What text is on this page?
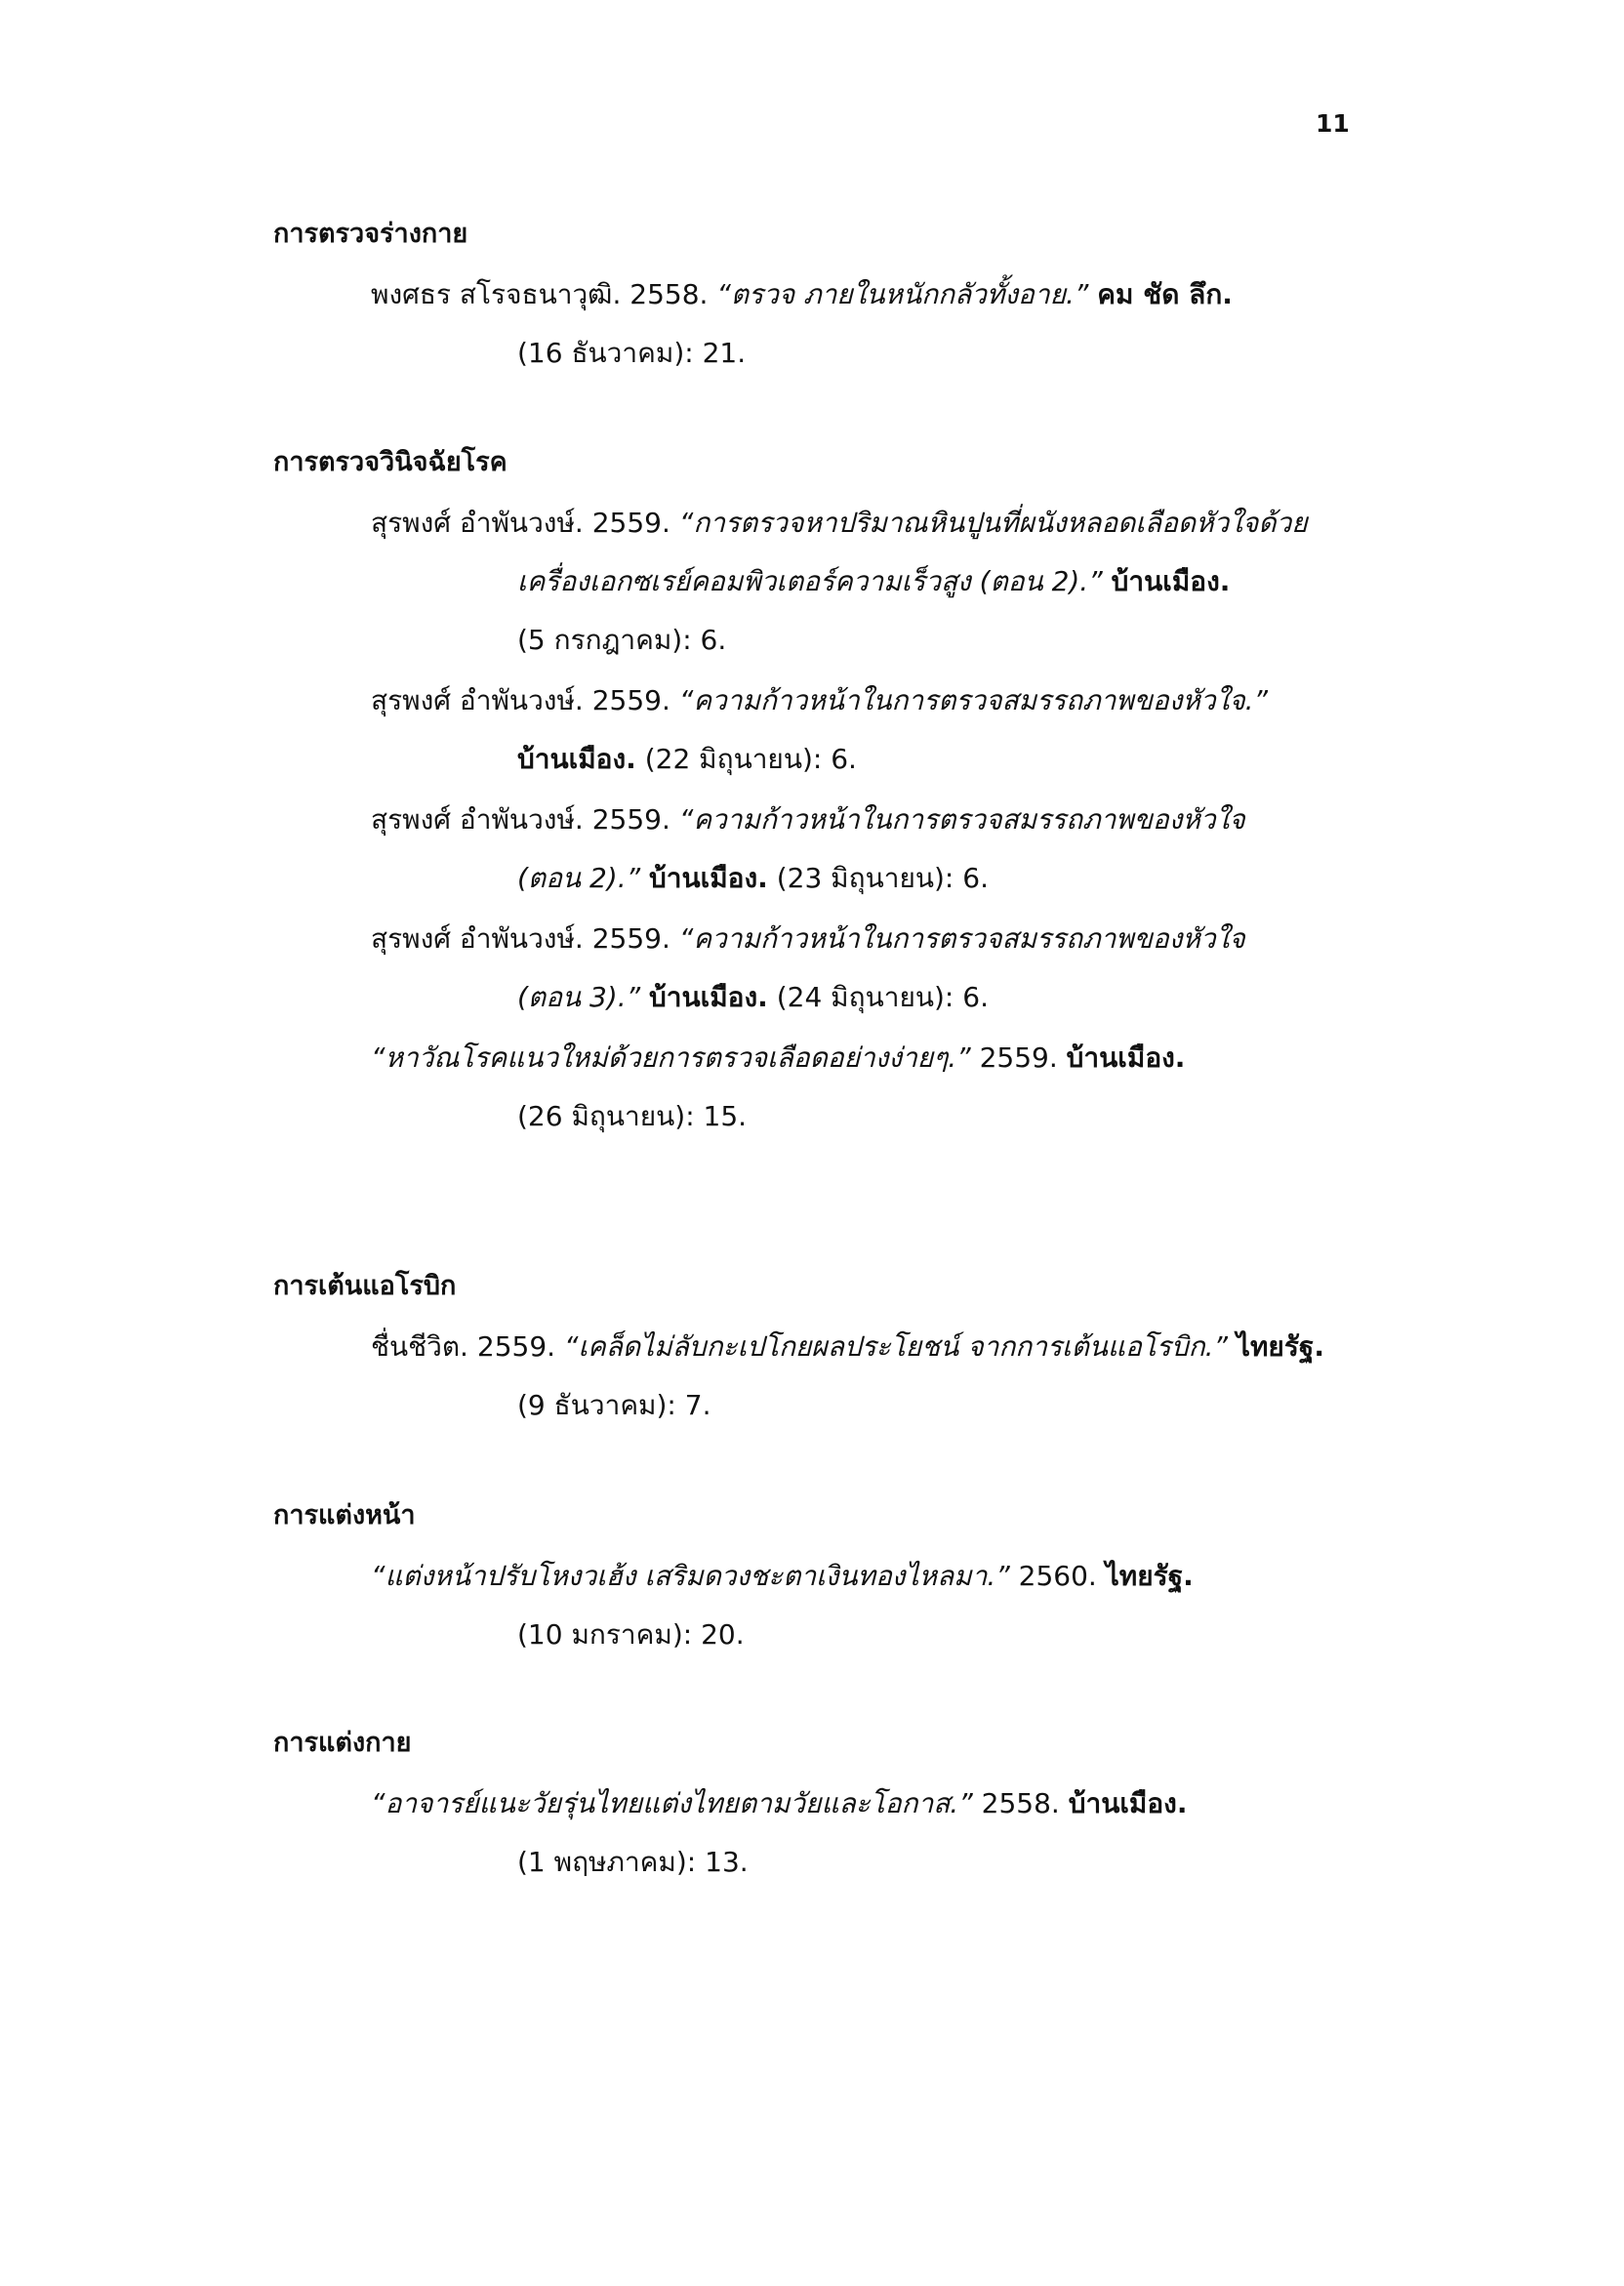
11
การตรวจร่างกาย
พงศธร สโรจธนาวุฒิ. 2558. “ตรวจ ภายในหนักกลัวทั้งอาย.” คม ชัด ลึก.
(16 ธันวาคม): 21.
การตรวจวินิจฉัยโรค
สุรพงศ์ อำพันวงษ์. 2559. “การตรวจหาปริมาณหินปูนที่ผนังหลอดเลือดหัวใจด้วย
เครื่องเอกซเรย์คอมพิวเตอร์ความเร็วสูง (ตอน 2).” บ้านเมือง.
(5 กรกฎาคม): 6.
สุรพงศ์ อำพันวงษ์. 2559. “ความก้าวหน้าในการตรวจสมรรถภาพของหัวใจ.”
บ้านเมือง. (22 มิถุนายน): 6.
สุรพงศ์ อำพันวงษ์. 2559. “ความก้าวหน้าในการตรวจสมรรถภาพของหัวใจ
(ตอน 2).” บ้านเมือง. (23 มิถุนายน): 6.
สุรพงศ์ อำพันวงษ์. 2559. “ความก้าวหน้าในการตรวจสมรรถภาพของหัวใจ
(ตอน 3).” บ้านเมือง. (24 มิถุนายน): 6.
“หาวัณโรคแนวใหม่ด้วยการตรวจเลือดอย่างง่ายๆ.” 2559. บ้านเมือง.
(26 มิถุนายน): 15.
การเต้นแอโรบิก
ชื่นชีวิต. 2559. “เคล็ดไม่ลับกะเปโกยผลประโยชน์ จากการเต้นแอโรบิก.” ไทยรัฐ.
(9 ธันวาคม): 7.
การแต่งหน้า
“แต่งหน้าปรับโหงวเฮ้ง เสริมดวงชะตาเงินทองไหลมา.” 2560. ไทยรัฐ.
(10 มกราคม): 20.
การแต่งกาย
“อาจารย์แนะวัยรุ่นไทยแต่งไทยตามวัยและโอกาส.” 2558. บ้านเมือง.
(1 พฤษภาคม): 13.
